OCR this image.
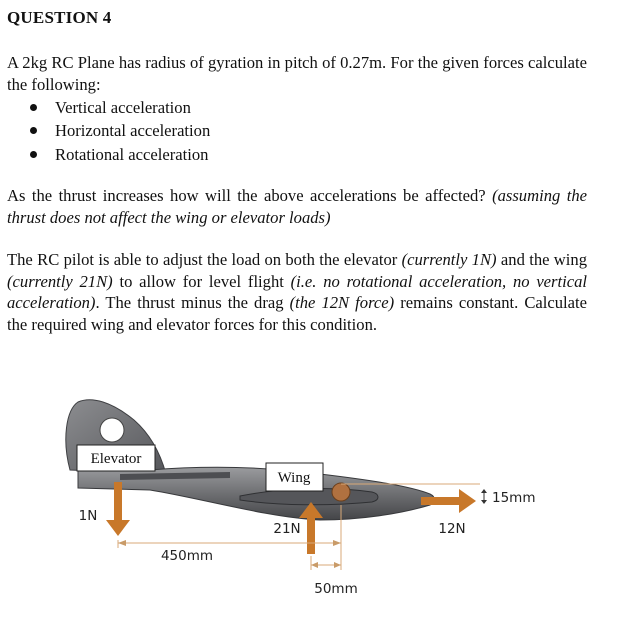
QUESTION 4
A 2kg RC Plane has radius of gyration in pitch of 0.27m. For the given forces calculate the following:
Vertical acceleration
Horizontal acceleration
Rotational acceleration
As the thrust increases how will the above accelerations be affected? (assuming the thrust does not affect the wing or elevator loads)
The RC pilot is able to adjust the load on both the elevator (currently 1N) and the wing (currently 21N) to allow for level flight (i.e. no rotational acceleration, no vertical acceleration). The thrust minus the drag (the 12N force) remains constant. Calculate the required wing and elevator forces for this condition.
Elevator
Wing
1N
21N	12N
15mm
450mm
50mm
